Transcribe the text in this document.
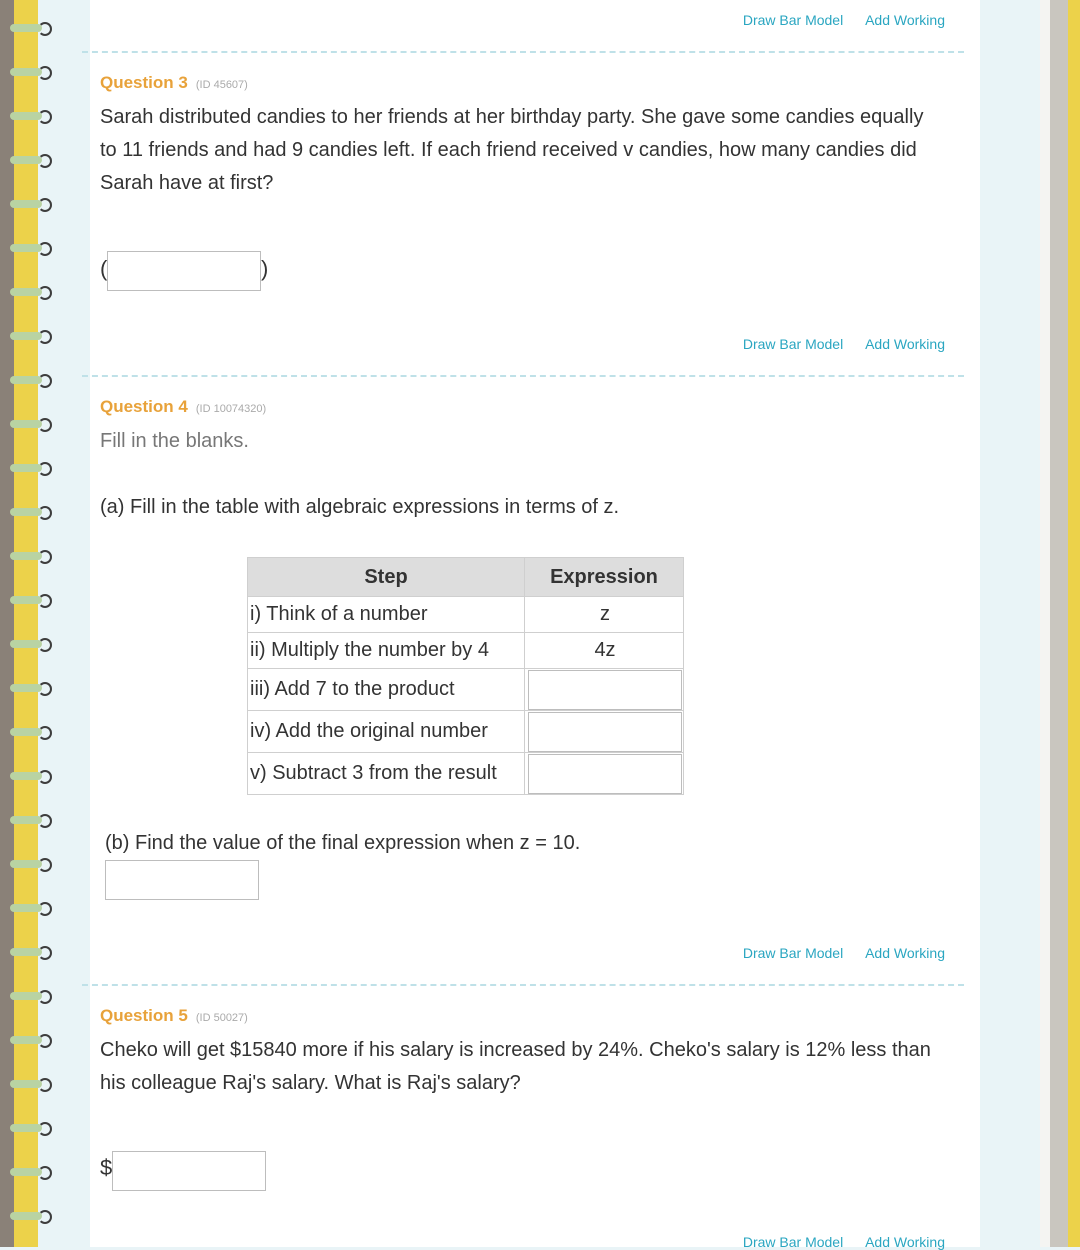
Draw Bar Model Add Working
Question 3 (ID 45607)
Sarah distributed candies to her friends at her birthday party. She gave some candies equally to 11 friends and had 9 candies left. If each friend received v candies, how many candies did Sarah have at first?
(	)
Draw Bar Model Add Working
Question 4 (ID 10074320)
Fill in the blanks.
(a) Fill in the table with algebraic expressions in terms of z.
Step	Expression
i) Think of a number	z
ii) Multiply the number by 4	4z
iii) Add 7 to the product	

iv) Add the original number	

v) Subtract 3 from the result	
(b) Find the value of the final expression when z = 10.
Draw Bar Model Add Working
Question 5 (ID 50027)
Cheko will get $15840 more if his salary is increased by 24%. Cheko's salary is 12% less than his colleague Raj's salary. What is Raj's salary?
$
Draw Bar Model Add Working
